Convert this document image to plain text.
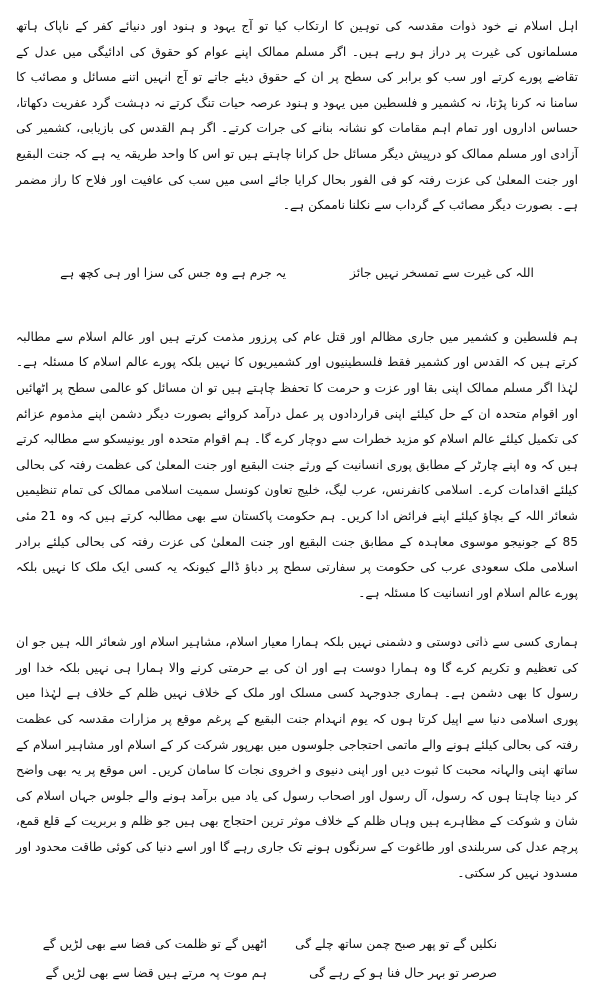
اہل اسلام نے خود ذوات مقدسہ کی توہین کا ارتکاب کیا تو آج یہود و ہنود اور دنیائے کفر کے ناپاک ہاتھ مسلمانوں کی غیرت پر دراز ہو رہے ہیں۔ اگر مسلم ممالک اپنے عوام کو حقوق کی ادائیگی میں عدل کے تقاضے پورے کرتے اور سب کو برابر کی سطح پر ان کے حقوق دیئے جاتے تو آج انہیں اتنے مسائل و مصائب کا سامنا نہ کرنا پڑتا، نہ کشمیر و فلسطین میں یہود و ہنود عرصہ حیات تنگ کرتے نہ دہشت گرد عفریت دکھاتا، حساس اداروں اور تمام اہم مقامات کو نشانہ بنانے کی جرات کرتے۔ اگر ہم القدس کی بازیابی، کشمیر کی آزادی اور مسلم ممالک کو درپیش دیگر مسائل حل کرانا چاہتے ہیں تو اس کا واحد طریقہ یہ ہے کہ جنت البقیع اور جنت المعلیٰ کی عزت رفتہ کو فی الفور بحال کرایا جائے اسی میں سب کی عافیت اور فلاح کا راز مضمر ہے۔ بصورت دیگر مصائب کے گرداب سے نکلنا ناممکن ہے۔

اللہ کی غیرت سے تمسخر نہیں جائز
یہ جرم ہے وہ جس کی سزا اور ہی کچھ ہے

ہم فلسطین و کشمیر میں جاری مظالم اور قتل عام کی پرزور مذمت کرتے ہیں اور عالم اسلام سے مطالبہ کرتے ہیں کہ القدس اور کشمیر فقط فلسطینیوں اور کشمیریوں کا نہیں بلکہ پورے عالم اسلام کا مسئلہ ہے۔ لہٰذا اگر مسلم ممالک اپنی بقا اور عزت و حرمت کا تحفظ چاہتے ہیں تو ان مسائل کو عالمی سطح پر اٹھائیں اور اقوام متحدہ ان کے حل کیلئے اپنی قراردادوں پر عمل درآمد کروائے بصورت دیگر دشمن اپنے مذموم عزائم کی تکمیل کیلئے عالم اسلام کو مزید خطرات سے دوچار کرے گا۔ ہم اقوام متحدہ اور یونیسکو سے مطالبہ کرتے ہیں کہ وہ اپنے چارٹر کے مطابق پوری انسانیت کے ورثے جنت البقیع اور جنت المعلیٰ کی عظمت رفتہ کی بحالی کیلئے اقدامات کرے۔ اسلامی کانفرنس، عرب لیگ، خلیج تعاون کونسل سمیت اسلامی ممالک کی تمام تنظیمیں شعائر اللہ کے بچاؤ کیلئے اپنے فرائض ادا کریں۔ ہم حکومت پاکستان سے بھی مطالبہ کرتے ہیں کہ وہ 21 مئی 85 کے جونیجو موسوی معاہدہ کے مطابق جنت البقیع اور جنت المعلیٰ کی عزت رفتہ کی بحالی کیلئے برادر اسلامی ملک سعودی عرب کی حکومت پر سفارتی سطح پر دباؤ ڈالے کیونکہ یہ کسی ایک ملک کا نہیں بلکہ پورے عالم اسلام اور انسانیت کا مسئلہ ہے۔

ہماری کسی سے ذاتی دوستی و دشمنی نہیں بلکہ ہمارا معیار اسلام، مشاہیر اسلام اور شعائر اللہ ہیں جو ان کی تعظیم و تکریم کرے گا وہ ہمارا دوست ہے اور ان کی بے حرمتی کرنے والا ہمارا ہی نہیں بلکہ خدا اور رسول کا بھی دشمن ہے۔ ہماری جدوجہد کسی مسلک اور ملک کے خلاف نہیں ظلم کے خلاف ہے لہٰذا میں پوری اسلامی دنیا سے اپیل کرتا ہوں کہ یوم انہدام جنت البقیع کے پرغم موقع پر مزارات مقدسہ کی عظمت رفتہ کی بحالی کیلئے ہونے والے ماتمی احتجاجی جلوسوں میں بھرپور شرکت کر کے اسلام اور مشاہیر اسلام کے ساتھ اپنی والہانہ محبت کا ثبوت دیں اور اپنی دنیوی و اخروی نجات کا سامان کریں۔ اس موقع پر یہ بھی واضح کر دینا چاہتا ہوں کہ رسول، آل رسول اور اصحاب رسول کی یاد میں برآمد ہونے والے جلوس جہاں اسلام کی شان و شوکت کے مظاہرے ہیں وہاں ظلم کے خلاف موثر ترین احتجاج بھی ہیں جو ظلم و بربریت کے قلع قمع، پرچم عدل کی سربلندی اور طاغوت کے سرنگوں ہونے تک جاری رہے گا اور اسے دنیا کی کوئی طاقت محدود اور مسدود نہیں کر سکتی۔

نکلیں گے تو پھر صبح چمن ساتھ چلے گی
اٹھیں گے تو ظلمت کی فضا سے بھی لڑیں گے
صرصر تو بہر حال فنا ہو کے رہے گی
ہم موت پہ مرتے ہیں قضا سے بھی لڑیں گے
